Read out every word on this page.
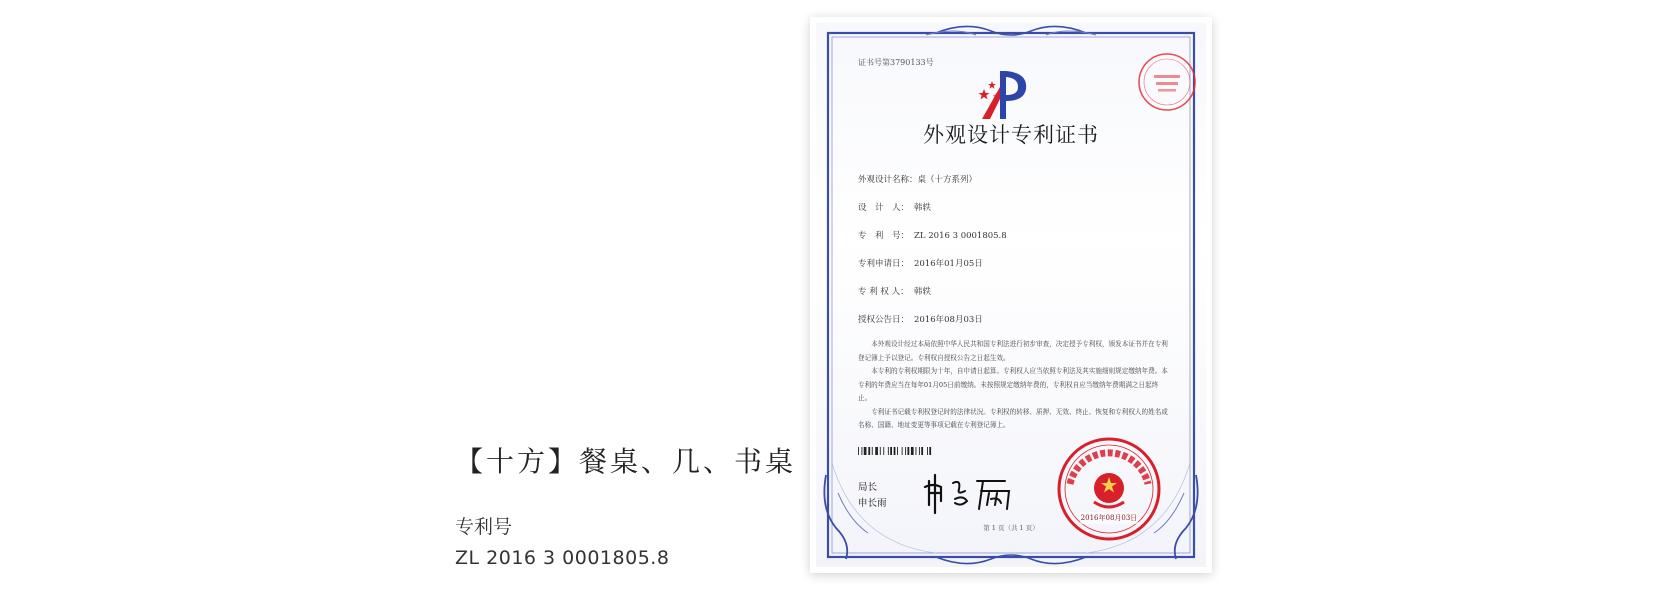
【十方】餐桌、几、书桌
专利号
ZL 2016 3 0001805.8
证书号第3790133号
外观设计专利证书
外观设计名称：桌（十方系列）
设　计　人： 韩轶
专　利　号： ZL 2016 3 0001805.8
专利申请日： 2016年01月05日
专 利 权 人： 韩轶
授权公告日： 2016年08月03日

本外观设计经过本局依照中华人民共和国专利法进行初步审查，决定授予专利权，颁发本证书并在专利登记簿上予以登记。专利权自授权公告之日起生效。

本专利的专利权期限为十年，自申请日起算。专利权人应当依照专利法及其实施细则规定缴纳年费。本专利的年费应当在每年01月05日前缴纳。未按照规定缴纳年费的，专利权自应当缴纳年费期满之日起终止。

专利证书记载专利权登记时的法律状况。专利权的转移、质押、无效、终止、恢复和专利权人的姓名或名称、国籍、地址变更等事项记载在专利登记簿上。

局长
申长雨
2016年08月03日
第 1 页（共 1 页）
